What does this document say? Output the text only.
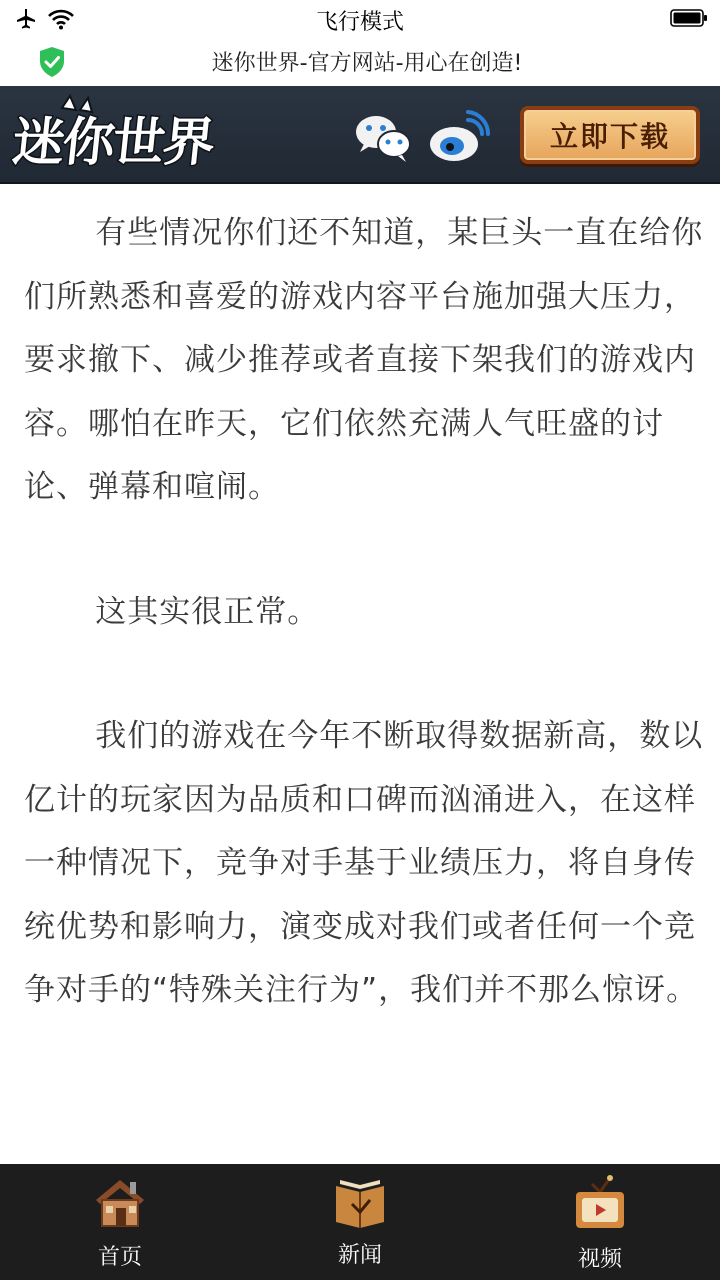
飞行模式
迷你世界-官方网站-用心在创造!
迷你世界	立即下载

有些情况你们还不知道，某巨头一直在给你们所熟悉和喜爱的游戏内容平台施加强大压力，要求撤下、减少推荐或者直接下架我们的游戏内容。哪怕在昨天，它们依然充满人气旺盛的讨论、弹幕和喧闹。

这其实很正常。

我们的游戏在今年不断取得数据新高，数以亿计的玩家因为品质和口碑而汹涌进入，在这样一种情况下，竞争对手基于业绩压力，将自身传统优势和影响力，演变成对我们或者任何一个竞争对手的“特殊关注行为”，我们并不那么惊讶。

首页	新闻	视频
